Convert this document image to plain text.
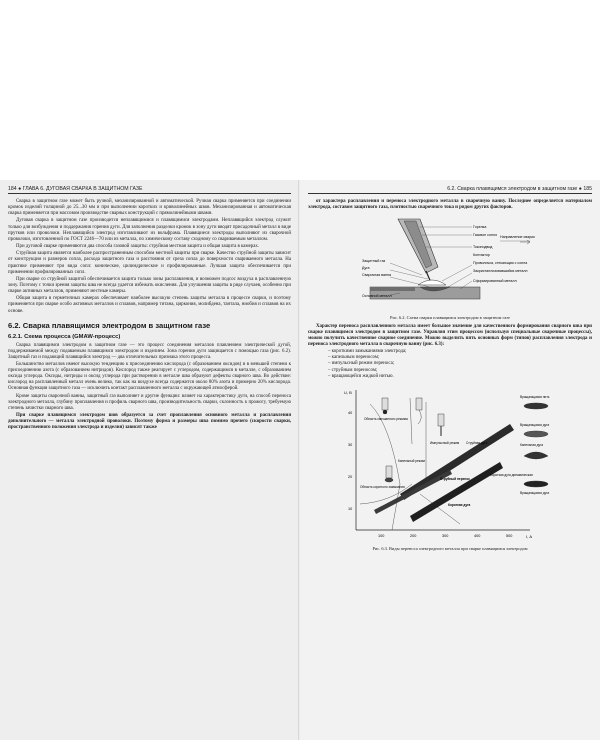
184 ● ГЛАВА 6. ДУГОВАЯ СВАРКА В ЗАЩИТНОМ ГАЗЕ

Сварка в защитном газе может быть ручной, механизированной и автоматической. Ручная сварка применяется при соединении кромок изделий толщиной до 25...30 мм и при выполнении коротких и криволинейных швов. Механизированная и автоматическая сварка применяется при массовом производстве сварных конструкций с прямолинейными швами.

Дуговая сварка в защитном газе производится неплавящимися и плавящимися электродами. Неплавящийся электрод служит только для возбуждения и поддержания горения дуги. Для заполнения разделки кромок в зону дуги вводят присадочный металл в виде прутков или проволоки. Неплавящийся электрод изготавливают из вольфрама. Плавящиеся электроды выполняют из сварочной проволоки, изготовленной по ГОСТ 2246—70 или из металла, по химическому составу сходному со свариваемым металлом.

При дуговой сварке применяются два способа газовой защиты: струйная местная защита и общая защита в камерах.

Струйная защита является наиболее распространенным способом местной защиты при сварке. Качество струйной защиты зависит от конструкции и размеров сопла, расхода защитного газа и расстояния от среза сопла до поверхности свариваемого металла. На практике применяют три вида сопл: конические, цилиндрические и профилированные. Лучшая защита обеспечивается при применении профилированных сопл.

При сварке со струйной защитой обеспечивается защита только зоны расплавления, и возможен подсос воздуха в расплавленную зону. Поэтому с точки зрения защиты шва не всегда удается избежать окисления. Для улучшения защиты в ряде случаев, особенно при сварке активных металлов, применяют местные камеры.

Общая защита в герметичных камерах обеспечивает наиболее высокую степень защиты металла в процессе сварки, и поэтому применяется при сварке особо активных металлов и сплавов, например титана, циркония, молибдена, тантала, ниобия и сплавов на их основе.

6.2. Сварка плавящимся электродом в защитном газе
6.2.1. Схема процесса (GMAW-процесс)

Сварка плавящимся электродом в защитном газе — это процесс соединения металлов плавлением электрической дугой, поддерживаемой между подаваемым плавящимся электродом и изделием. Зона горения дуги защищается с помощью газа (рис. 6.2). Защитный газ и подающий плавящийся электрод — два отличительных признака этого процесса.

Большинство металлов имеют высокую тенденцию к присоединению кислорода (с образованием оксидов) и в меньшей степени к присоединению азота (с образованием нитридов). Кислород также реагирует с углеродом, содержащимся в металле, с образованием оксида углерода. Оксиды, нитриды и оксид углерода при растворении в металле шва образуют дефекты сварного шва. Во действие: кислород на расплавленный металл очень велико, так как на воздухе всегда содержится около 80% азота и примерно 20% кислорода. Основная функция защитного газа — исключить контакт расплавленного металла с окружающей атмосферой.

Кроме защиты сварочной ванны, защитный газ выполняет и другие функции: влияет на характеристику дуги, на способ переноса электродного металла, глубину проплавления и профиль сварного шва, производительность сварки, склонность к прожогу, требуемую степень зачистки сварного шва.

При сварке плавящимся электродом шов образуется за счет проплавления основного металла и расплавления дополнительного — металла электродной проволоки. Поэтому форма и размеры шва помимо прочего (скорости сварки, пространственного положения электрода и изделия) зависят также

6.2. Сварка плавящимся электродом в защитном газе ● 185

от характера расплавления и переноса электродного металла в сварочную ванну. Последнее определяется материалом электрода, составом защитного газа, плотностью сварочного тока и рядом других факторов.

Горелка
Газовое сопло
Токоподвод
Направление сварки
Контактор
Защитный газ
Дуга
Сварочная ванна
Проволочка, стекающая с сопла
Закристаллизовавшийся металл
Основной металл
Сформированный металл
Рис. 6.2. Схема сварки плавящимся электродом в защитном газе

Характер переноса расплавленного металла имеет большое значение для качественного формирования сварного шва при сварке плавящимся электродом в защитном газе. Управляя этим процессом (используя специальные сварочные процессы), можно получить качественное сварное соединение. Можно выделить пять основных форм (типов) расплавления электрода и переноса электродного металла в сварочную ванну (рис. 6.3):

– короткими замыканиями электрода;
– капельным переносом;
– импульсный режим переноса;
– струйным переносом;
– вращающейся жидкой нитью.
U, В
I, А
40
30
20
10
100	200	300	400	500
Область смешанного режима
Импульсный режим
Область короткого замыкания
Вращающаяся нить
Капельный режим
Вращающаяся дуга
Струйная дуга
Струйный перенос
Капельная дуга
Короткая дуга динамическая
Короткая дуга
Вращающаяся дуга
Рис. 6.3. Виды переноса электродного металла при сварке плавящимся электродом
